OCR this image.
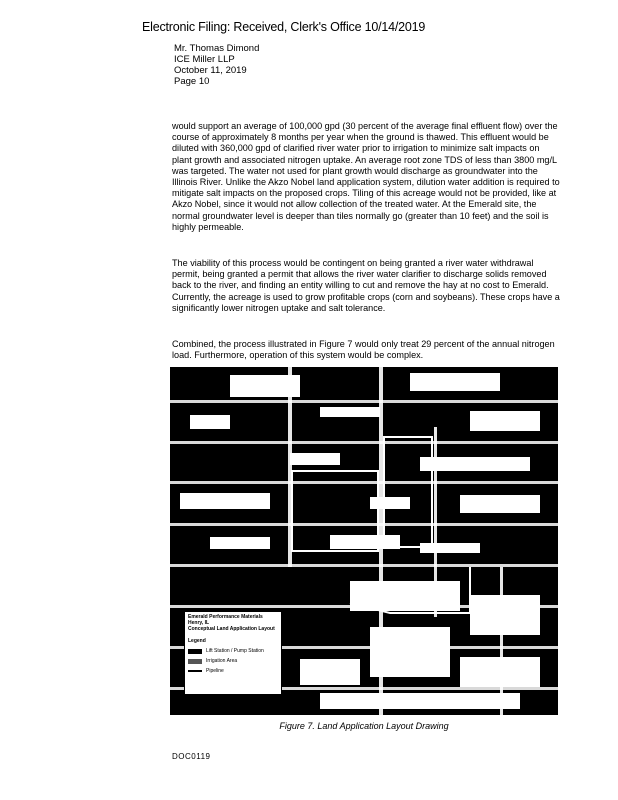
Electronic Filing: Received, Clerk's Office 10/14/2019
Mr. Thomas Dimond
ICE Miller LLP
October 11, 2019
Page 10
would support an average of 100,000 gpd (30 percent of the average final effluent flow) over the course of approximately 8 months per year when the ground is thawed. This effluent would be diluted with 360,000 gpd of clarified river water prior to irrigation to minimize salt impacts on plant growth and associated nitrogen uptake. An average root zone TDS of less than 3800 mg/L was targeted. The water not used for plant growth would discharge as groundwater into the Illinois River. Unlike the Akzo Nobel land application system, dilution water addition is required to mitigate salt impacts on the proposed crops. Tiling of this acreage would not be provided, like at Akzo Nobel, since it would not allow collection of the treated water. At the Emerald site, the normal groundwater level is deeper than tiles normally go (greater than 10 feet) and the soil is highly permeable.
The viability of this process would be contingent on being granted a river water withdrawal permit, being granted a permit that allows the river water clarifier to discharge solids removed back to the river, and finding an entity willing to cut and remove the hay at no cost to Emerald. Currently, the acreage is used to grow profitable crops (corn and soybeans). These crops have a significantly lower nitrogen uptake and salt tolerance.
Combined, the process illustrated in Figure 7 would only treat 29 percent of the annual nitrogen load. Furthermore, operation of this system would be complex.
Emerald Performance Materials
Henry, IL
Conceptual Land Application Layout
Legend
Lift Station / Pump Station
Irrigation Area
Pipeline
Figure 7. Land Application Layout Drawing
DOC0119
